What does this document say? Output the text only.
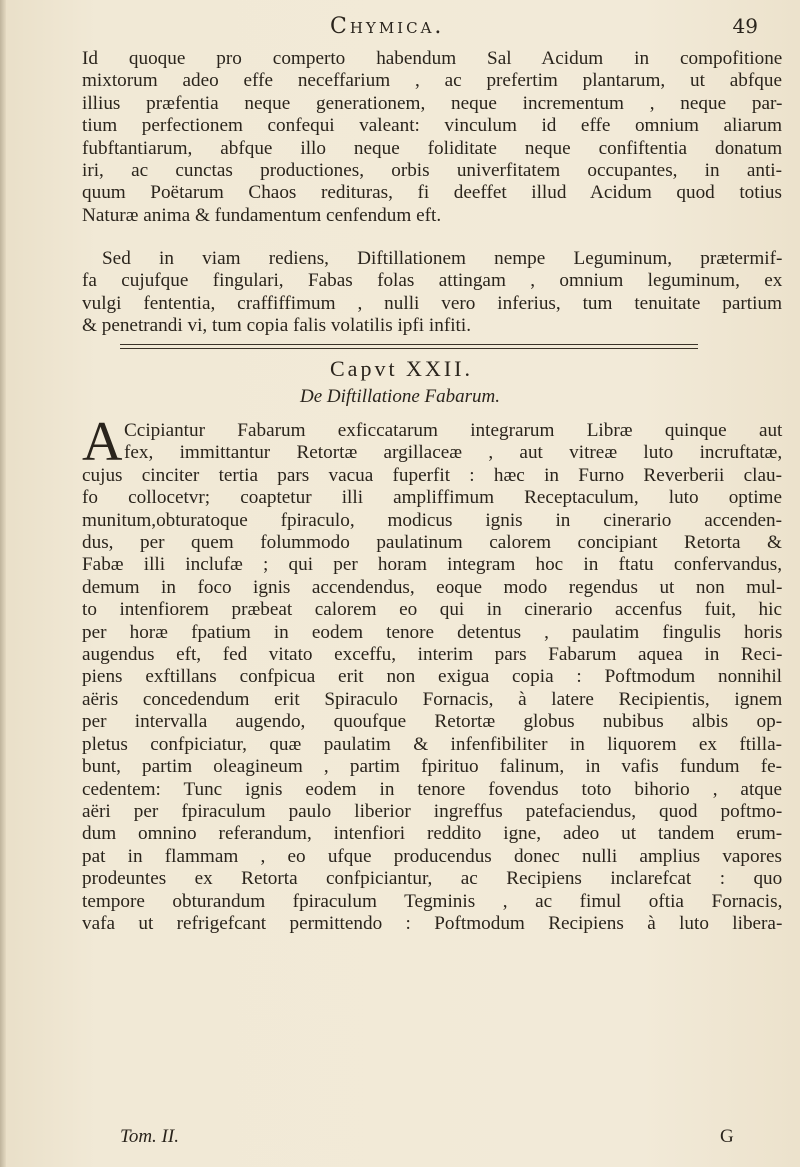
Chymica.	49
Id quoque pro comperto habendum Sal Acidum in compofitione
mixtorum adeo effe neceffarium , ac prefertim plantarum, ut abfque
illius præfentia neque generationem, neque incrementum , neque par-
tium perfectionem confequi valeant: vinculum id effe omnium aliarum
fubftantiarum, abfque illo neque foliditate neque confiftentia donatum
iri, ac cunctas productiones, orbis univerfitatem occupantes, in anti-
quum Poëtarum Chaos redituras, fi deeffet illud Acidum quod totius
Naturæ anima & fundamentum cenfendum eft.
Sed in viam rediens, Diftillationem nempe Leguminum, prætermif-
fa cujufque fingulari, Fabas folas attingam , omnium leguminum, ex
vulgi fententia, craffiffimum , nulli vero inferius, tum tenuitate partium
& penetrandi vi, tum copia falis volatilis ipfi infiti.
Capvt XXII.
De Diftillatione Fabarum.
A Ccipiantur Fabarum exficcatarum integrarum Libræ quinque aut
fex, immittantur Retortæ argillaceæ , aut vitreæ luto incruftatæ,
cujus cinciter tertia pars vacua fuperfit : hæc in Furno Reverberii clau-
fo collocetvr; coaptetur illi ampliffimum Receptaculum, luto optime
munitum,obturatoque fpiraculo, modicus ignis in cinerario accenden-
dus, per quem folummodo paulatinum calorem concipiant Retorta &
Fabæ illi inclufæ ; qui per horam integram hoc in ftatu confervandus,
demum in foco ignis accendendus, eoque modo regendus ut non mul-
to intenfiorem præbeat calorem eo qui in cinerario accenfus fuit, hic
per horæ fpatium in eodem tenore detentus , paulatim fingulis horis
augendus eft, fed vitato exceffu, interim pars Fabarum aquea in Reci-
piens exftillans confpicua erit non exigua copia : Poftmodum nonnihil
aëris concedendum erit Spiraculo Fornacis, à latere Recipientis, ignem
per intervalla augendo, quoufque Retortæ globus nubibus albis op-
pletus confpiciatur, quæ paulatim & infenfibiliter in liquorem ex ftilla-
bunt, partim oleagineum , partim fpirituo falinum, in vafis fundum fe-
cedentem: Tunc ignis eodem in tenore fovendus toto bihorio , atque
aëri per fpiraculum paulo liberior ingreffus patefaciendus, quod poftmo-
dum omnino referandum, intenfiori reddito igne, adeo ut tandem erum-
pat in flammam , eo ufque producendus donec nulli amplius vapores
prodeuntes ex Retorta confpiciantur, ac Recipiens inclarefcat : quo
tempore obturandum fpiraculum Tegminis , ac fimul oftia Fornacis,
vafa ut refrigefcant permittendo : Poftmodum Recipiens à luto libera-
Tom. II.	G
